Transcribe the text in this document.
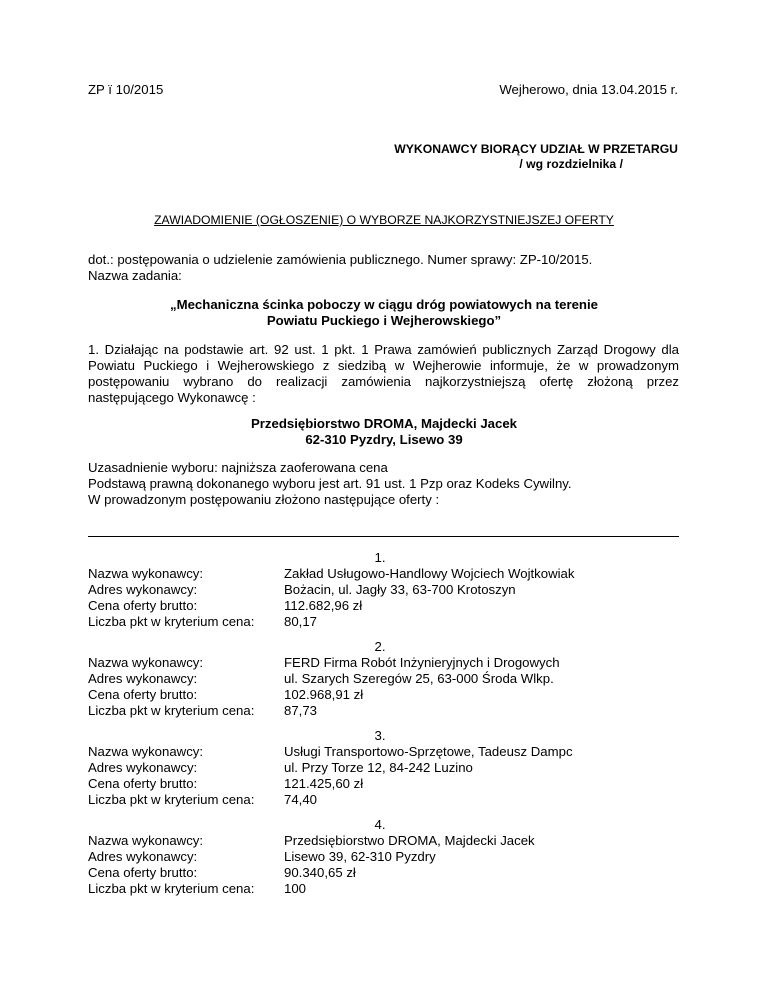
ZP ï 10/2015	Wejherowo, dnia 13.04.2015 r.
WYKONAWCY BIORĄCY UDZIAŁ W PRZETARGU
/ wg rozdzielnika /
ZAWIADOMIENIE (OGŁOSZENIE) O WYBORZE NAJKORZYSTNIEJSZEJ OFERTY
dot.: postępowania o udzielenie zamówienia publicznego. Numer sprawy: ZP-10/2015.
Nazwa zadania:
„Mechaniczna ścinka poboczy w ciągu dróg powiatowych na terenie
Powiatu Puckiego i Wejherowskiego”
1. Działając na podstawie art. 92 ust. 1 pkt. 1 Prawa zamówień publicznych Zarząd Drogowy dla Powiatu Puckiego i Wejherowskiego z siedzibą w Wejherowie informuje, że w prowadzonym postępowaniu wybrano do realizacji zamówienia najkorzystniejszą ofertę złożoną przez następującego Wykonawcę :
Przedsiębiorstwo DROMA, Majdecki Jacek
62-310 Pyzdry, Lisewo 39
Uzasadnienie wyboru: najniższa zaoferowana cena
Podstawą prawną dokonanego wyboru jest art. 91 ust. 1 Pzp oraz Kodeks Cywilny.
W prowadzonym postępowaniu złożono następujące oferty :
1.
Nazwa wykonawcy:
Adres wykonawcy:
Cena oferty brutto:
Liczba pkt w kryterium cena:
Zakład Usługowo-Handlowy Wojciech Wojtkowiak
Bożacin, ul. Jagły 33, 63-700 Krotoszyn
112.682,96 zł
80,17
2.
Nazwa wykonawcy:
Adres wykonawcy:
Cena oferty brutto:
Liczba pkt w kryterium cena:
FERD Firma Robót Inżynieryjnych i Drogowych
ul. Szarych Szeregów 25, 63-000 Środa Wlkp.
102.968,91 zł
87,73
3.
Nazwa wykonawcy:
Adres wykonawcy:
Cena oferty brutto:
Liczba pkt w kryterium cena:
Usługi Transportowo-Sprzętowe, Tadeusz Dampc
ul. Przy Torze 12, 84-242 Luzino
121.425,60 zł
74,40
4.
Nazwa wykonawcy:
Adres wykonawcy:
Cena oferty brutto:
Liczba pkt w kryterium cena:
Przedsiębiorstwo DROMA, Majdecki Jacek
Lisewo 39, 62-310 Pyzdry
90.340,65 zł
100
